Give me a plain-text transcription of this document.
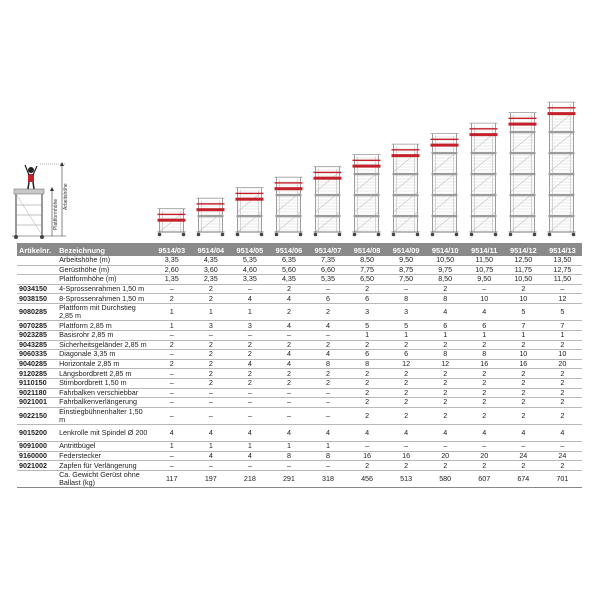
Plattformhöhe
Arbeitshöhe
Artikelnr.	Bezeichnung	9514/03	9514/04	9514/05	9514/06	9514/07	9514/08	9514/09	9514/10	9514/11	9514/12	9514/13
	Arbeitshöhe (m)	3,35	4,35	5,35	6,35	7,35	8,50	9,50	10,50	11,50	12,50	13,50
	Gerüsthöhe (m)	2,60	3,60	4,60	5,60	6,60	7,75	8,75	9,75	10,75	11,75	12,75
	Plattformhöhe (m)	1,35	2,35	3,35	4,35	5,35	6,50	7,50	8,50	9,50	10,50	11,50
9034150	4-Sprossenrahmen 1,50 m	–	2	–	2	–	2	–	2	–	2	–
9038150	8-Sprossenrahmen 1,50 m	2	2	4	4	6	6	8	8	10	10	12
9080285	Plattform mit Durchstieg 2,85 m	1	1	1	2	2	3	3	4	4	5	5
9070285	Plattform 2,85 m	1	3	3	4	4	5	5	6	6	7	7
9023285	Basisrohr 2,85 m	–	–	–	–	–	1	1	1	1	1	1
9043285	Sicherheitsgeländer 2,85 m	2	2	2	2	2	2	2	2	2	2	2
9060335	Diagonale 3,35 m	–	2	2	4	4	6	6	8	8	10	10
9040285	Horizontale 2,85 m	2	2	4	4	8	8	12	12	16	16	20
9120285	Längsbordbrett 2,85 m	–	2	2	2	2	2	2	2	2	2	2
9110150	Stirnbordbrett 1,50 m	–	2	2	2	2	2	2	2	2	2	2
9021180	Fahrbalken verschiebbar	–	–	–	–	–	2	2	2	2	2	2
9021001	Fahrbalkenverlängerung	–	–	–	–	–	2	2	2	2	2	2
9022150	Einstiegbühnenhalter 1,50 m	–	–	–	–	–	2	2	2	2	2	2
9015200	Lenkrolle mit Spindel Ø 200	4	4	4	4	4	4	4	4	4	4	4
9091000	Antrittbügel	1	1	1	1	1	–	–	–	–	–	–
9160000	Federstecker	–	4	4	8	8	16	16	20	20	24	24
9021002	Zapfen für Verlängerung	–	–	–	–	–	2	2	2	2	2	2
	Ca. Gewicht Gerüst ohne Ballast (kg)	117	197	218	291	318	456	513	580	607	674	701
